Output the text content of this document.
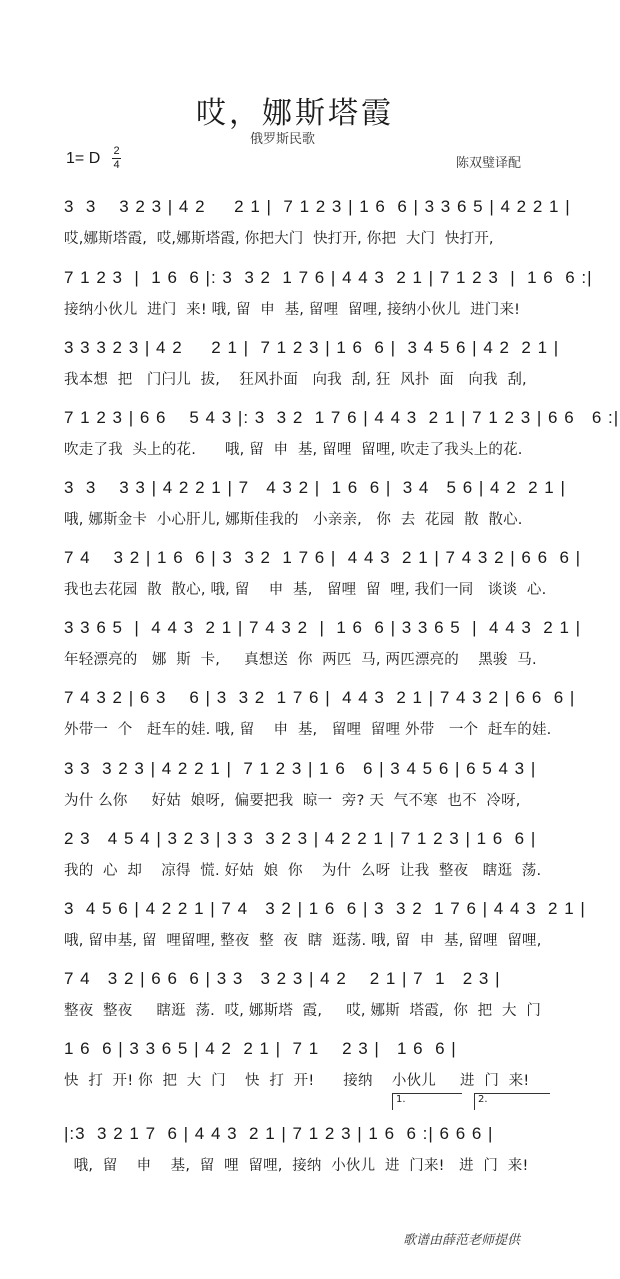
哎，娜斯塔霞
俄罗斯民歌
1= D 2
4	陈双璧译配
3  3    3 2 3 | 4 2     2 1 |  7 1 2 3 | 1 6  6 | 3 3 6 5 | 4 2 2 1 |
哎,娜斯塔霞,  哎,娜斯塔霞, 你把大门  快打开, 你把  大门  快打开,
7 1 2 3  |  1 6  6 |: 3  3 2  1 7 6 | 4 4 3  2 1 | 7 1 2 3  |  1 6  6 :|
接纳小伙儿  进门  来! 哦, 留  申  基, 留哩  留哩, 接纳小伙儿  进门来!
3 3 3 2 3 | 4 2     2 1 |  7 1 2 3 | 1 6  6 |  3 4 5 6 | 4 2  2 1 |
我本想  把   门闩儿  拔,    狂风扑面   向我  刮, 狂  风扑  面   向我  刮,
7 1 2 3 | 6 6    5 4 3 |: 3  3 2  1 7 6 | 4 4 3  2 1 | 7 1 2 3 | 6 6   6 :|
吹走了我  头上的花.      哦, 留  申  基, 留哩  留哩, 吹走了我头上的花.
3  3    3 3 | 4 2 2 1 | 7   4 3 2 |  1 6  6 |  3 4   5 6 | 4 2  2 1 |
哦, 娜斯金卡  小心肝儿, 娜斯佳我的   小亲亲,   你  去  花园  散  散心.
7 4    3 2 | 1 6  6 | 3  3 2  1 7 6 |  4 4 3  2 1 | 7 4 3 2 | 6 6  6 |
我也去花园  散  散心, 哦, 留    申  基,   留哩  留  哩, 我们一同   谈谈  心.
3 3 6 5  |  4 4 3  2 1 | 7 4 3 2  |  1 6  6 | 3 3 6 5  |  4 4 3  2 1 |
年轻漂亮的   娜  斯  卡,     真想送  你  两匹  马, 两匹漂亮的    黑骏  马.
7 4 3 2 | 6 3    6 | 3  3 2  1 7 6 |  4 4 3  2 1 | 7 4 3 2 | 6 6  6 |
外带一  个   赶车的娃. 哦, 留    申  基,   留哩  留哩 外带   一个  赶车的娃.
3 3  3 2 3 | 4 2 2 1 |  7 1 2 3 | 1 6   6 | 3 4 5 6 | 6 5 4 3 |
为什 么你     好姑  娘呀,  偏要把我  晾一  旁? 天  气不寒  也不  冷呀,
2 3   4 5 4 | 3 2 3 | 3 3  3 2 3 | 4 2 2 1 | 7 1 2 3 | 1 6  6 |
我的  心  却    凉得  慌. 好姑  娘  你    为什  么呀  让我  整夜   瞎逛  荡.
3  4 5 6 | 4 2 2 1 | 7 4   3 2 | 1 6  6 | 3  3 2  1 7 6 | 4 4 3  2 1 |
哦, 留申基, 留  哩留哩, 整夜  整  夜  瞎  逛荡. 哦, 留  申  基, 留哩  留哩,
7 4   3 2 | 6 6  6 | 3 3   3 2 3 | 4 2    2 1 | 7  1   2 3 |
整夜  整夜     瞎逛  荡.  哎, 娜斯塔  霞,     哎, 娜斯  塔霞,  你  把  大  门
1 6  6 | 3 3 6 5 | 4 2  2 1 |  7 1    2 3 |   1 6  6 |
快  打  开! 你  把  大  门    快  打  开!      接纳    小伙儿     进  门  来!
|:3  3 2 1 7  6 | 4 4 3  2 1 | 7 1 2 3 | 1 6  6 :| 6 6 6 |
哦,  留    申    基,  留  哩  留哩,  接纳  小伙儿  进  门来!   进  门  来!
1.	2.
歌谱由薛范老师提供
